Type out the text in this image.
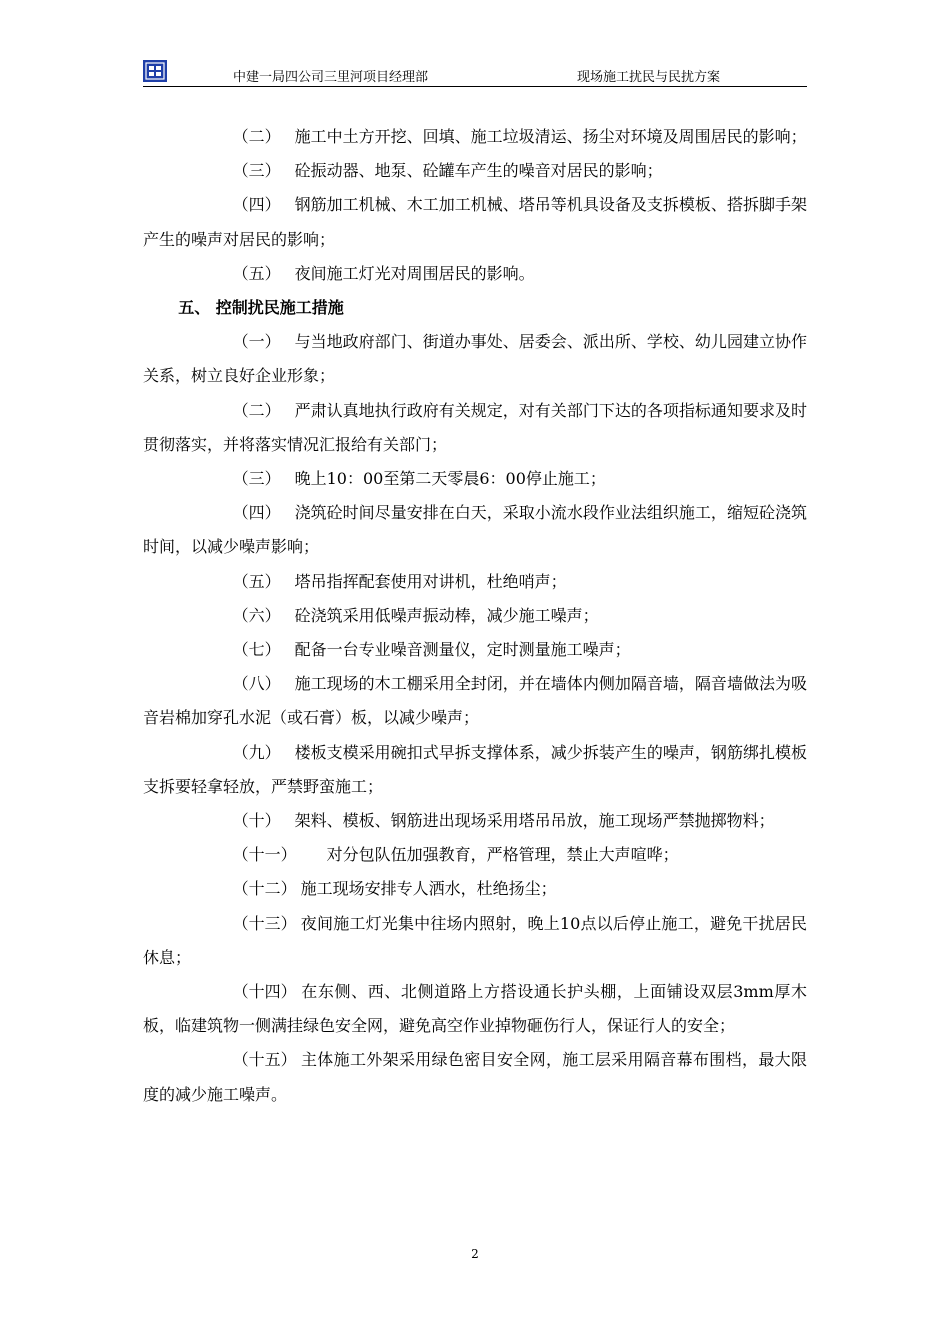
中建一局四公司三里河项目经理部	现场施工扰民与民扰方案

（二） 施工中土方开挖、回填、施工垃圾清运、扬尘对环境及周围居民的影响；

（三） 砼振动器、地泵、砼罐车产生的噪音对居民的影响；

（四） 钢筋加工机械、木工加工机械、塔吊等机具设备及支拆模板、搭拆脚手架产生的噪声对居民的影响；

（五） 夜间施工灯光对周围居民的影响。

五、 控制扰民施工措施

（一） 与当地政府部门、街道办事处、居委会、派出所、学校、幼儿园建立协作关系，树立良好企业形象；

（二） 严肃认真地执行政府有关规定，对有关部门下达的各项指标通知要求及时贯彻落实，并将落实情况汇报给有关部门；

（三） 晚上10：00至第二天零晨6：00停止施工；

（四） 浇筑砼时间尽量安排在白天，采取小流水段作业法组织施工，缩短砼浇筑时间，以减少噪声影响；

（五） 塔吊指挥配套使用对讲机，杜绝哨声；

（六） 砼浇筑采用低噪声振动棒，减少施工噪声；

（七） 配备一台专业噪音测量仪，定时测量施工噪声；

（八） 施工现场的木工棚采用全封闭，并在墙体内侧加隔音墙，隔音墙做法为吸音岩棉加穿孔水泥（或石膏）板，以减少噪声；

（九） 楼板支模采用碗扣式早拆支撑体系，减少拆装产生的噪声，钢筋绑扎模板支拆要轻拿轻放，严禁野蛮施工；

（十） 架料、模板、钢筋进出现场采用塔吊吊放，施工现场严禁抛掷物料；

（十一） 对分包队伍加强教育，严格管理，禁止大声喧哗；

（十二） 施工现场安排专人洒水，杜绝扬尘；

（十三） 夜间施工灯光集中往场内照射，晚上10点以后停止施工，避免干扰居民休息；

（十四） 在东侧、西、北侧道路上方搭设通长护头棚，上面铺设双层3mm厚木板，临建筑物一侧满挂绿色安全网，避免高空作业掉物砸伤行人，保证行人的安全；

（十五） 主体施工外架采用绿色密目安全网，施工层采用隔音幕布围档，最大限度的减少施工噪声。

2
